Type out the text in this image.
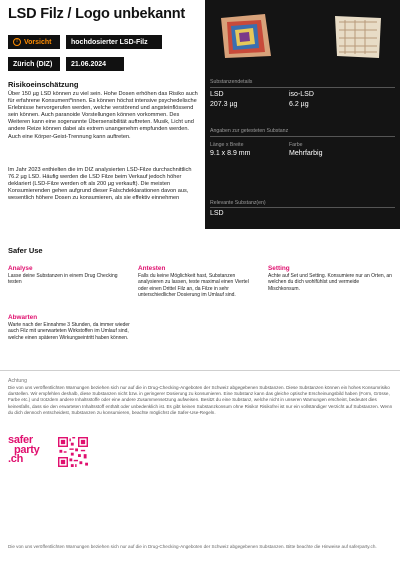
LSD Filz / Logo unbekannt
! Vorsicht	hochdosierter LSD-Filz
Zürich (DIZ)	21.06.2024
Risikoeinschätzung
Über 150 µg LSD können zu viel sein. Hohe Dosen erhöhen das Risiko auch für erfahrene Konsument*innen. Es können höchst intensive psychedelische Erlebnisse hervorgerufen werden, welche verstörend und angsteinflössend sein können. Auch paranoide Vorstellungen können vorkommen. Des Weiteren kann eine sogenannte Übersensibilität auftreten. Musik, Licht und andere Reize können dabei als extrem unangenehm empfunden werden. Auch eine Körper-Geist-Trennung kann auftreten.
Im Jahr 2023 enthielten die im DIZ analysierten LSD-Filze durchschnittlich 76.2 µg LSD. Häufig werden die LSD Filze beim Verkauf jedoch höher deklariert (LSD-Filze werden oft als 200 µg verkauft). Die meisten Konsumierenden gehen aufgrund dieser Falschdeklarationen davon aus, wesentlich höhere Dosen zu konsumieren, als sie effektiv einnehmen
Substanzendetails
LSD	iso-LSD
207.3 µg	6.2 µg
Angaben zur getesteten Substanz
Länge x Breite	Farbe
9.1 x 8.9 mm	Mehrfarbig
Relevante Substanz(en)
LSD
Safer Use
Analyse
Lasse deine Substanzen in einem Drug Checking testen
Antesten
Falls du keine Möglichkeit hast, Substanzen analysieren zu lassen, teste maximal einen Viertel oder einen Drittel Filz an, da Filze in sehr unterschiedlicher Dosierung im Umlauf sind.
Setting
Achte auf Set und Setting. Konsumiere nur an Orten, an welchen du dich wohlfühlst und vermeide Mischkonsum.
Abwarten
Warte nach der Einnahme 3 Stunden, da immer wieder auch Filz mit unerwarteten Wirkstoffen im Umlauf sind, welche einen späteren Wirkungseintritt haben können.
Achtung
Die von uns veröffentlichten Warnungen beziehen sich nur auf die in Drug-Checking-Angeboten der Schweiz abgegebenen Substanzen. Diese Substanzen können ein hohes Konsumrisiko darstellen. Wir empfehlen deshalb, diese Substanzen nicht bzw. in geringerer Dosierung zu konsumieren. Eine Substanz kann das gleiche optische Erscheinungsbild haben (Form, Grösse, Farbe etc.) und trotzdem andere Inhaltsstoffe oder eine andere Zusammensetzung aufweisen. Besitzt du eine Substanz, welche nicht in unseren Warnungen erscheint, bedeutet dies keinesfalls, dass sie den erwarteten Inhaltsstoff enthält oder unbedenklich ist. Es gibt keinen Substanzkonsum ohne Risiko! Risikofrei ist nur ein vollständiger Verzicht auf Substanzen. Wenn du dich dennoch entscheidest, Substanzen zu konsumieren, beachte möglichst die Safer-Use-Regeln.
safer
party
.ch
Die von uns veröffentlichten Warnungen beziehen sich nur auf die in Drug-Checking-Angeboten der Schweiz abgegebenen Substanzen. Bitte beachte die Hinweise auf saferparty.ch.
